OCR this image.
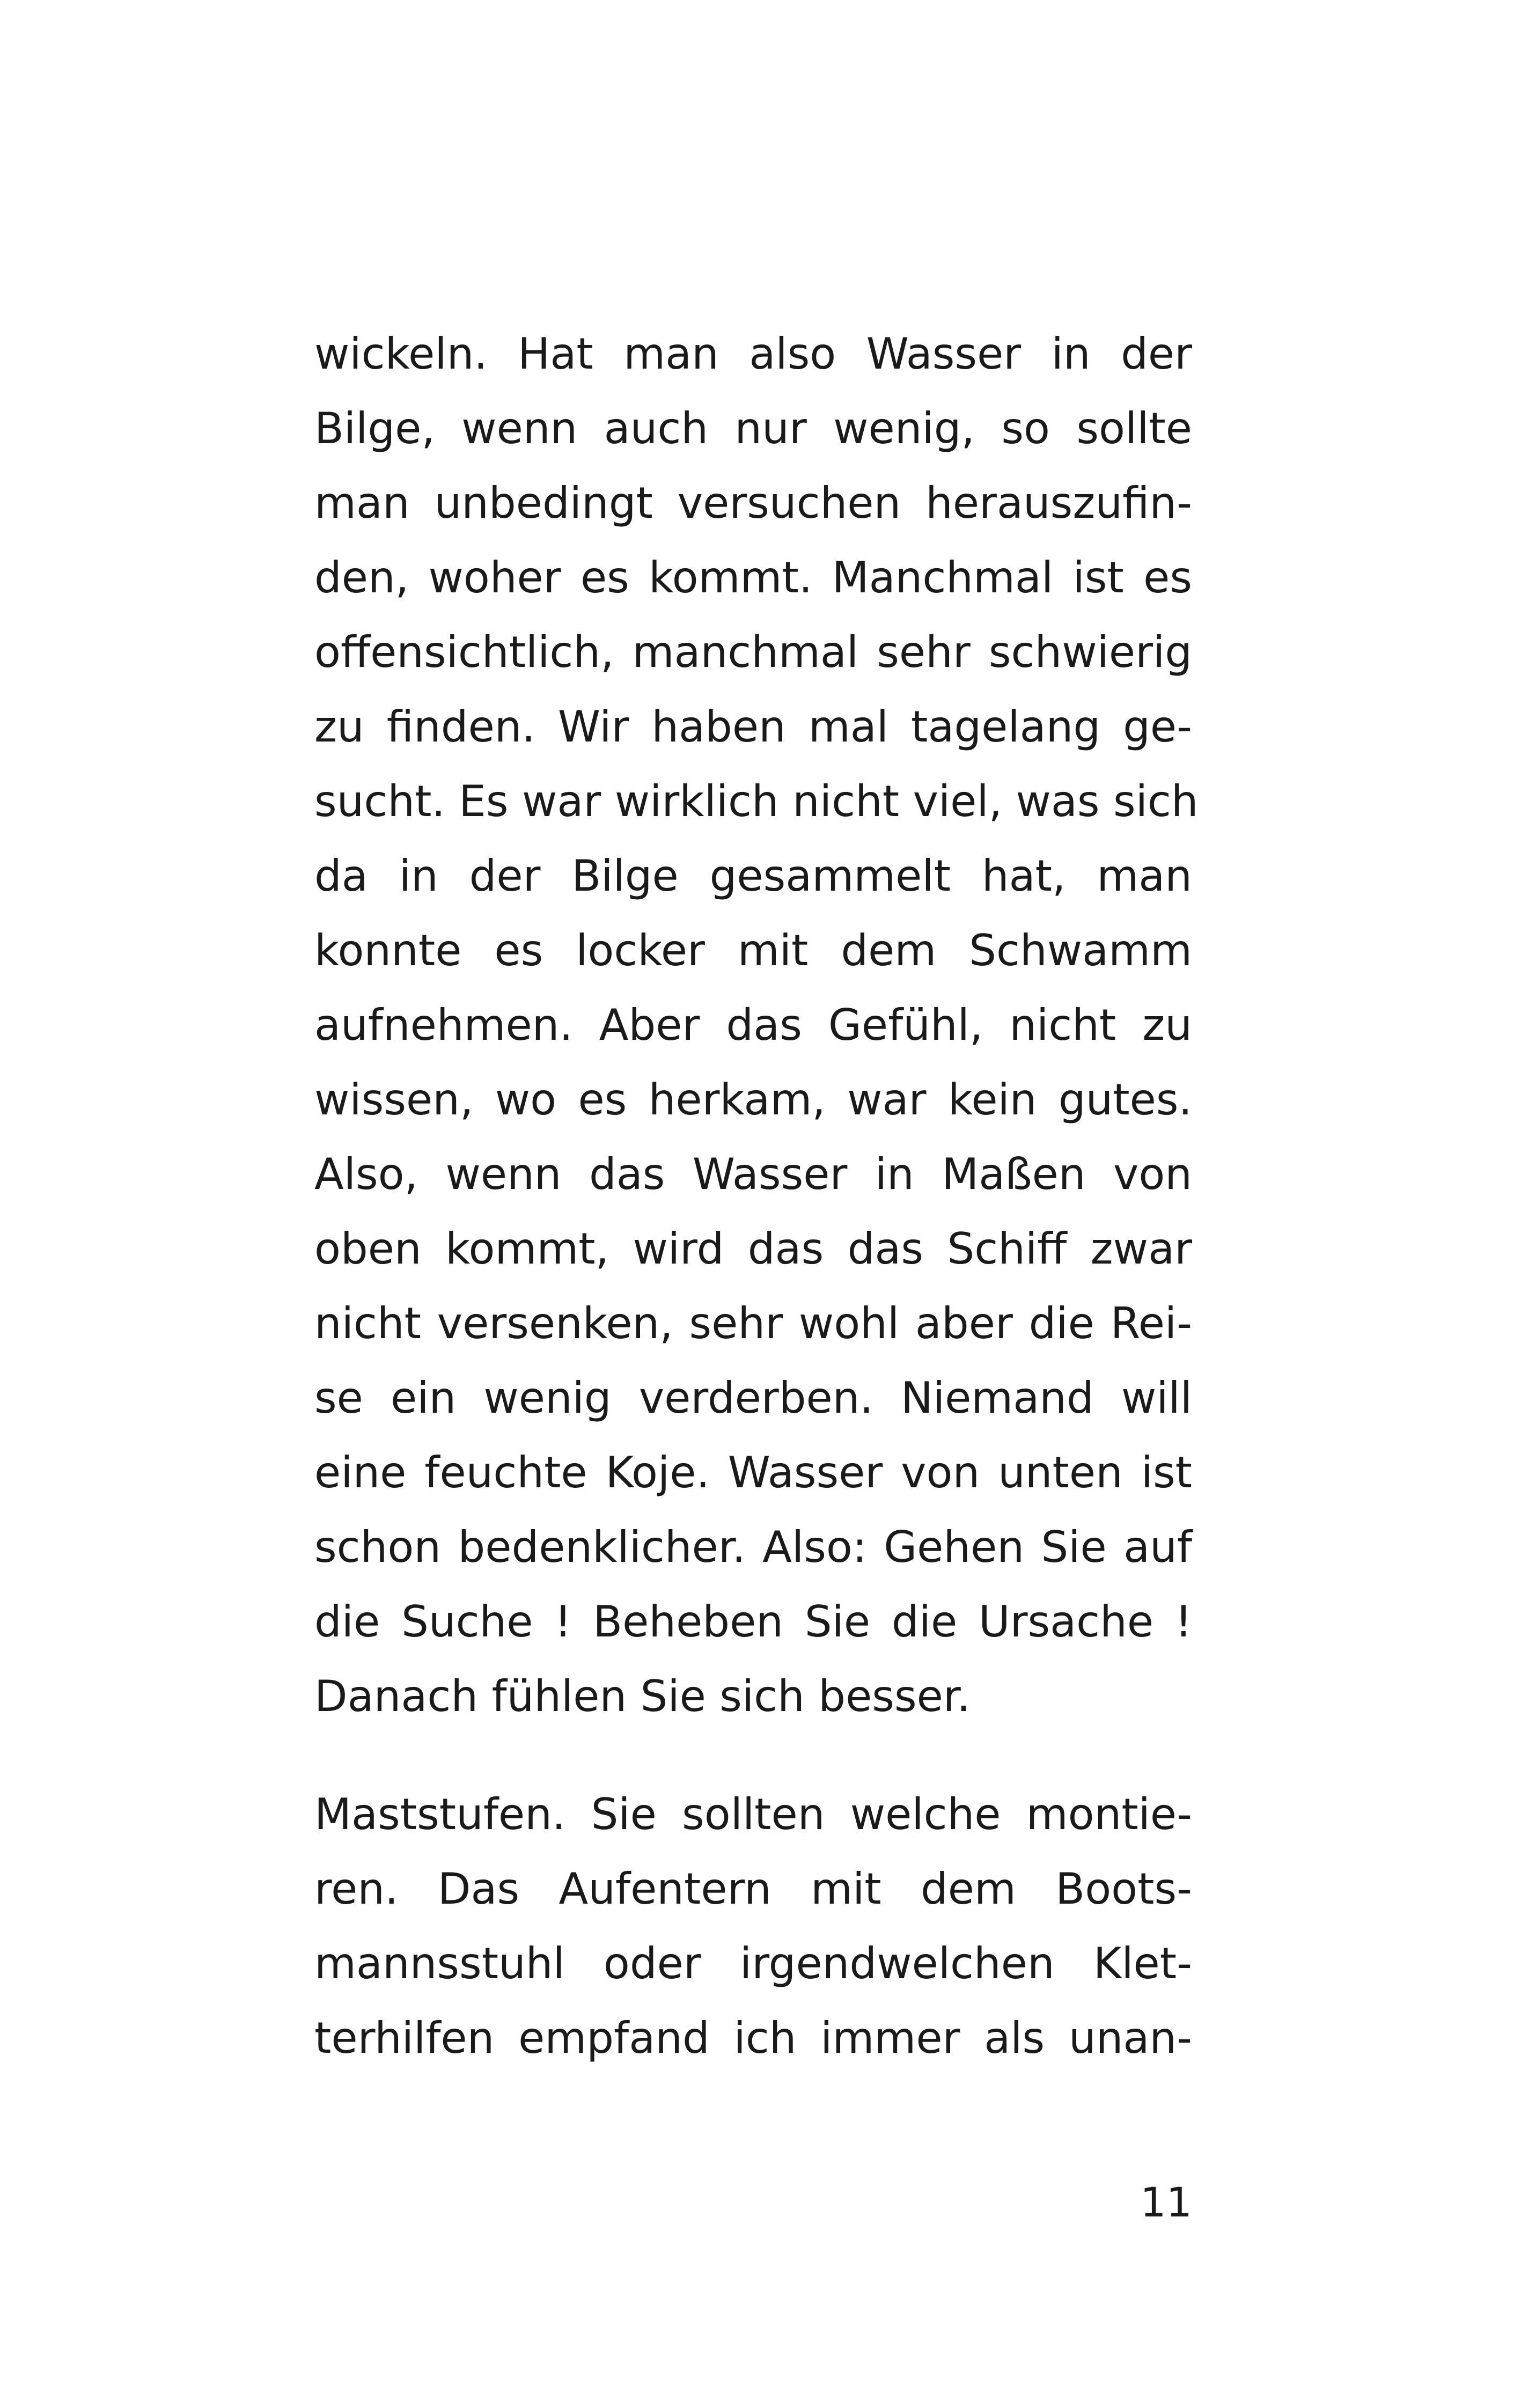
wickeln. Hat man also Wasser in der
Bilge, wenn auch nur wenig, so sollte
man unbedingt versuchen herauszufin-
den, woher es kommt. Manchmal ist es
offensichtlich, manchmal sehr schwierig
zu finden. Wir haben mal tagelang ge-
sucht. Es war wirklich nicht viel, was sich
da in der Bilge gesammelt hat, man
konnte es locker mit dem Schwamm
aufnehmen. Aber das Gefühl, nicht zu
wissen, wo es herkam, war kein gutes.
Also, wenn das Wasser in Maßen von
oben kommt, wird das das Schiff zwar
nicht versenken, sehr wohl aber die Rei-
se ein wenig verderben. Niemand will
eine feuchte Koje. Wasser von unten ist
schon bedenklicher. Also: Gehen Sie auf
die Suche ! Beheben Sie die Ursache !
Danach fühlen Sie sich besser.
Maststufen. Sie sollten welche montie-
ren. Das Aufentern mit dem Boots-
mannsstuhl oder irgendwelchen Klet-
terhilfen empfand ich immer als unan-
11
